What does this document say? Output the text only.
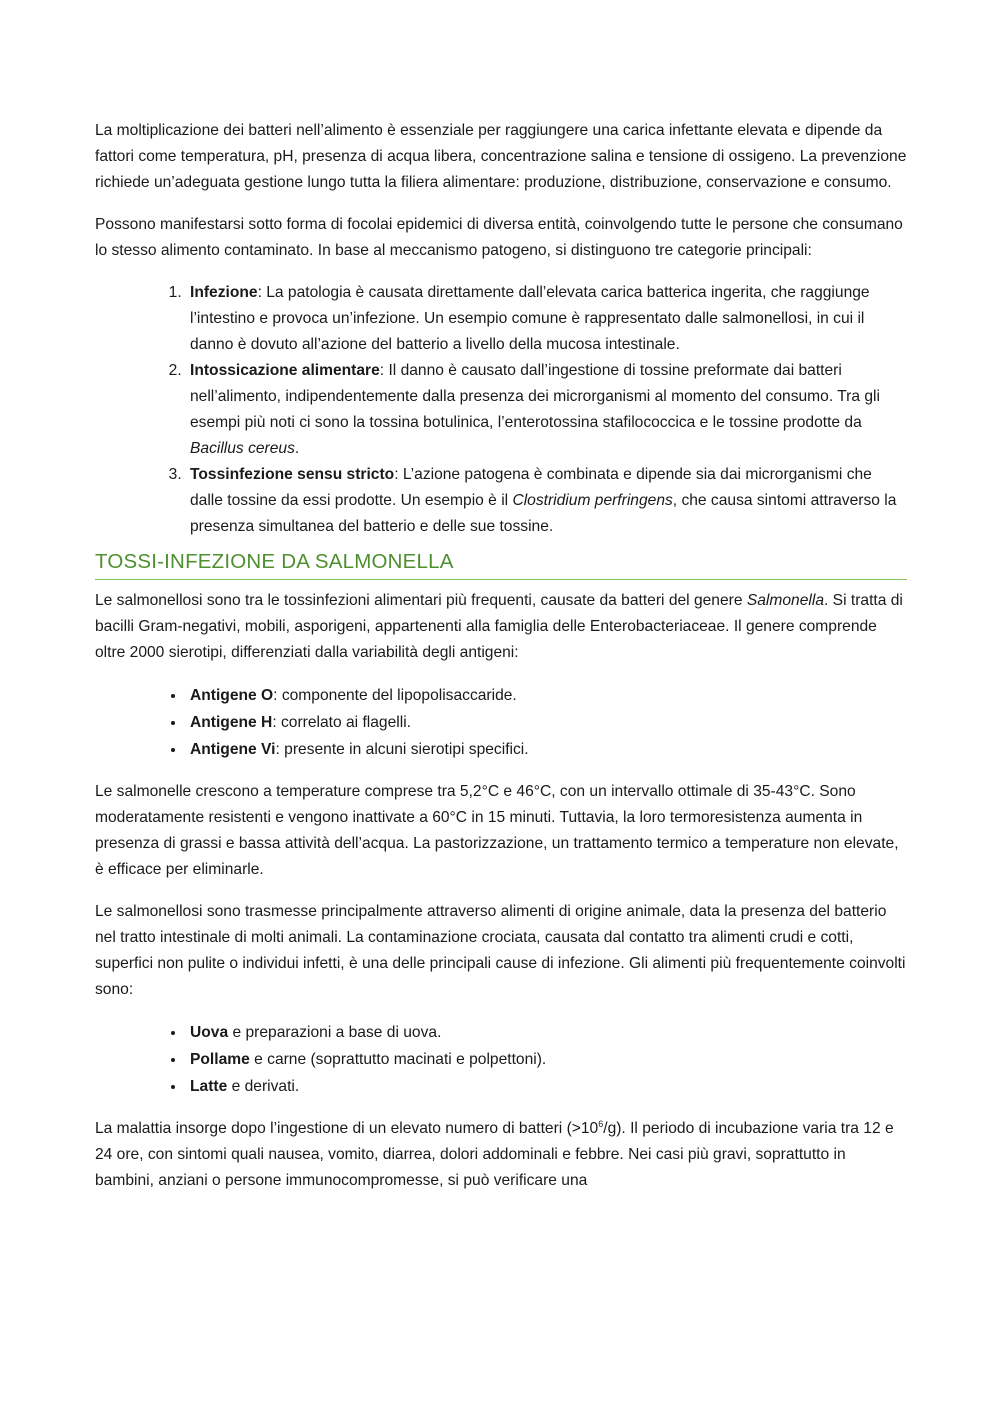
La moltiplicazione dei batteri nell’alimento è essenziale per raggiungere una carica infettante elevata e dipende da fattori come temperatura, pH, presenza di acqua libera, concentrazione salina e tensione di ossigeno. La prevenzione richiede un’adeguata gestione lungo tutta la filiera alimentare: produzione, distribuzione, conservazione e consumo.

Possono manifestarsi sotto forma di focolai epidemici di diversa entità, coinvolgendo tutte le persone che consumano lo stesso alimento contaminato. In base al meccanismo patogeno, si distinguono tre categorie principali:

1. Infezione: La patologia è causata direttamente dall’elevata carica batterica ingerita, che raggiunge l’intestino e provoca un’infezione. Un esempio comune è rappresentato dalle salmonellosi, in cui il danno è dovuto all’azione del batterio a livello della mucosa intestinale.
2. Intossicazione alimentare: Il danno è causato dall’ingestione di tossine preformate dai batteri nell’alimento, indipendentemente dalla presenza dei microrganismi al momento del consumo. Tra gli esempi più noti ci sono la tossina botulinica, l’enterotossina stafilococcica e le tossine prodotte da Bacillus cereus.
3. Tossinfezione sensu stricto: L’azione patogena è combinata e dipende sia dai microrganismi che dalle tossine da essi prodotte. Un esempio è il Clostridium perfringens, che causa sintomi attraverso la presenza simultanea del batterio e delle sue tossine.
TOSSI-INFEZIONE DA SALMONELLA

Le salmonellosi sono tra le tossinfezioni alimentari più frequenti, causate da batteri del genere Salmonella. Si tratta di bacilli Gram-negativi, mobili, asporigeni, appartenenti alla famiglia delle Enterobacteriaceae. Il genere comprende oltre 2000 sierotipi, differenziati dalla variabilità degli antigeni:

• Antigene O: componente del lipopolisaccaride.
• Antigene H: correlato ai flagelli.
• Antigene Vi: presente in alcuni sierotipi specifici.

Le salmonelle crescono a temperature comprese tra 5,2°C e 46°C, con un intervallo ottimale di 35-43°C. Sono moderatamente resistenti e vengono inattivate a 60°C in 15 minuti. Tuttavia, la loro termoresistenza aumenta in presenza di grassi e bassa attività dell’acqua. La pastorizzazione, un trattamento termico a temperature non elevate, è efficace per eliminarle.

Le salmonellosi sono trasmesse principalmente attraverso alimenti di origine animale, data la presenza del batterio nel tratto intestinale di molti animali. La contaminazione crociata, causata dal contatto tra alimenti crudi e cotti, superfici non pulite o individui infetti, è una delle principali cause di infezione. Gli alimenti più frequentemente coinvolti sono:

• Uova e preparazioni a base di uova.
• Pollame e carne (soprattutto macinati e polpettoni).
• Latte e derivati.

La malattia insorge dopo l’ingestione di un elevato numero di batteri $(>10^6/g)$. Il periodo di incubazione varia tra 12 e 24 ore, con sintomi quali nausea, vomito, diarrea, dolori addominali e febbre. Nei casi più gravi, soprattutto in bambini, anziani o persone immunocompromesse, si può verificare una
